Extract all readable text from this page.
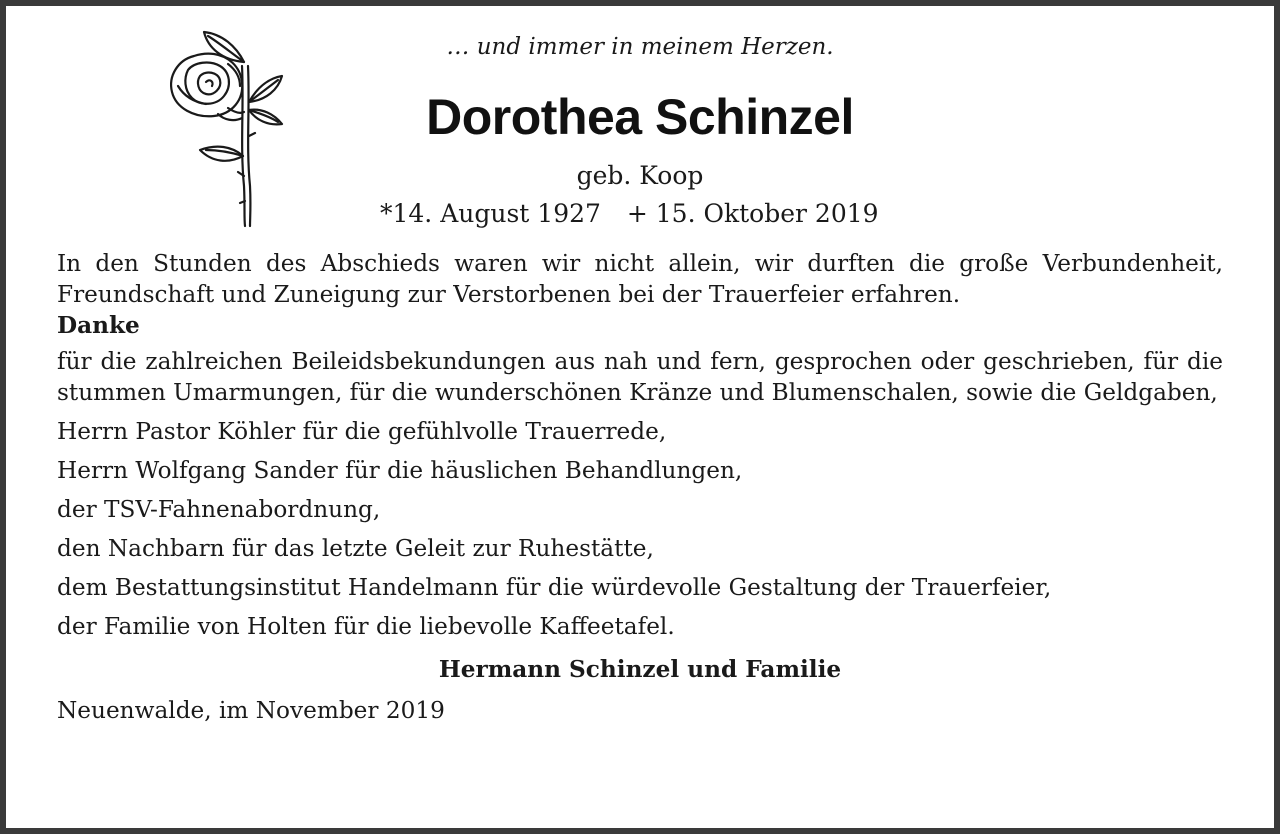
… und immer in meinem Herzen.
Dorothea Schinzel
geb. Koop
*14. August 1927 + 15. Oktober 2019

In den Stunden des Abschieds waren wir nicht allein, wir durften die große Verbundenheit, Freundschaft und Zuneigung zur Verstorbenen bei der Trauerfeier erfahren.

Danke

für die zahlreichen Beileidsbekundungen aus nah und fern, gesprochen oder geschrieben, für die stummen Umarmungen, für die wunderschönen Kränze und Blumenschalen, sowie die Geldgaben,

Herrn Pastor Köhler für die gefühlvolle Trauerrede,

Herrn Wolfgang Sander für die häuslichen Behandlungen,

der TSV-Fahnenabordnung,

den Nachbarn für das letzte Geleit zur Ruhestätte,

dem Bestattungsinstitut Handelmann für die würdevolle Gestaltung der Trauerfeier,

der Familie von Holten für die liebevolle Kaffeetafel.

Hermann Schinzel und Familie

Neuenwalde, im November 2019
